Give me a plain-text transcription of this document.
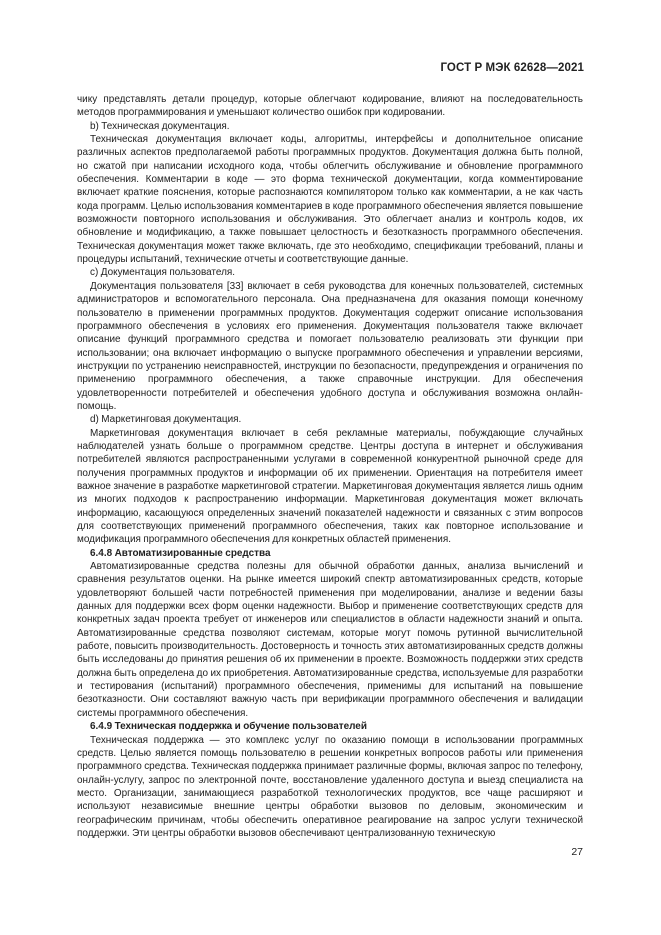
ГОСТ Р МЭК 62628—2021

чику представлять детали процедур, которые облегчают кодирование, влияют на последовательность методов программирования и уменьшают количество ошибок при кодировании.

b) Техническая документация.

Техническая документация включает коды, алгоритмы, интерфейсы и дополнительное описание различных аспектов предполагаемой работы программных продуктов. Документация должна быть полной, но сжатой при написании исходного кода, чтобы облегчить обслуживание и обновление программного обеспечения. Комментарии в коде — это форма технической документации, когда комментирование включает краткие пояснения, которые распознаются компилятором только как комментарии, а не как часть кода программ. Целью использования комментариев в коде программного обеспечения является повышение возможности повторного использования и обслуживания. Это облегчает анализ и контроль кодов, их обновление и модификацию, а также повышает целостность и безотказность программного обеспечения. Техническая документация может также включать, где это необходимо, спецификации требований, планы и процедуры испытаний, технические отчеты и соответствующие данные.

c) Документация пользователя.

Документация пользователя [33] включает в себя руководства для конечных пользователей, системных администраторов и вспомогательного персонала. Она предназначена для оказания помощи конечному пользователю в применении программных продуктов. Документация содержит описание использования программного обеспечения в условиях его применения. Документация пользователя также включает описание функций программного средства и помогает пользователю реализовать эти функции при использовании; она включает информацию о выпуске программного обеспечения и управлении версиями, инструкции по устранению неисправностей, инструкции по безопасности, предупреждения и ограничения по применению программного обеспечения, а также справочные инструкции. Для обеспечения удовлетворенности потребителей и обеспечения удобного доступа и обслуживания возможна онлайн-помощь.

d) Маркетинговая документация.

Маркетинговая документация включает в себя рекламные материалы, побуждающие случайных наблюдателей узнать больше о программном средстве. Центры доступа в интернет и обслуживания потребителей являются распространенными услугами в современной конкурентной рыночной среде для получения программных продуктов и информации об их применении. Ориентация на потребителя имеет важное значение в разработке маркетинговой стратегии. Маркетинговая документация является лишь одним из многих подходов к распространению информации. Маркетинговая документация может включать информацию, касающуюся определенных значений показателей надежности и связанных с этим вопросов для соответствующих применений программного обеспечения, таких как повторное использование и модификация программного обеспечения для конкретных областей применения.

6.4.8 Автоматизированные средства

Автоматизированные средства полезны для обычной обработки данных, анализа вычислений и сравнения результатов оценки. На рынке имеется широкий спектр автоматизированных средств, которые удовлетворяют большей части потребностей применения при моделировании, анализе и ведении базы данных для поддержки всех форм оценки надежности. Выбор и применение соответствующих средств для конкретных задач проекта требует от инженеров или специалистов в области надежности знаний и опыта. Автоматизированные средства позволяют системам, которые могут помочь рутинной вычислительной работе, повысить производительность. Достоверность и точность этих автоматизированных средств должны быть исследованы до принятия решения об их применении в проекте. Возможность поддержки этих средств должна быть определена до их приобретения. Автоматизированные средства, используемые для разработки и тестирования (испытаний) программного обеспечения, применимы для испытаний на повышение безотказности. Они составляют важную часть при верификации программного обеспечения и валидации системы программного обеспечения.

6.4.9 Техническая поддержка и обучение пользователей

Техническая поддержка — это комплекс услуг по оказанию помощи в использовании программных средств. Целью является помощь пользователю в решении конкретных вопросов работы или применения программного средства. Техническая поддержка принимает различные формы, включая запрос по телефону, онлайн-услугу, запрос по электронной почте, восстановление удаленного доступа и выезд специалиста на место. Организации, занимающиеся разработкой технологических продуктов, все чаще расширяют и используют независимые внешние центры обработки вызовов по деловым, экономическим и географическим причинам, чтобы обеспечить оперативное реагирование на запрос услуги технической поддержки. Эти центры обработки вызовов обеспечивают централизованную техническую

27
